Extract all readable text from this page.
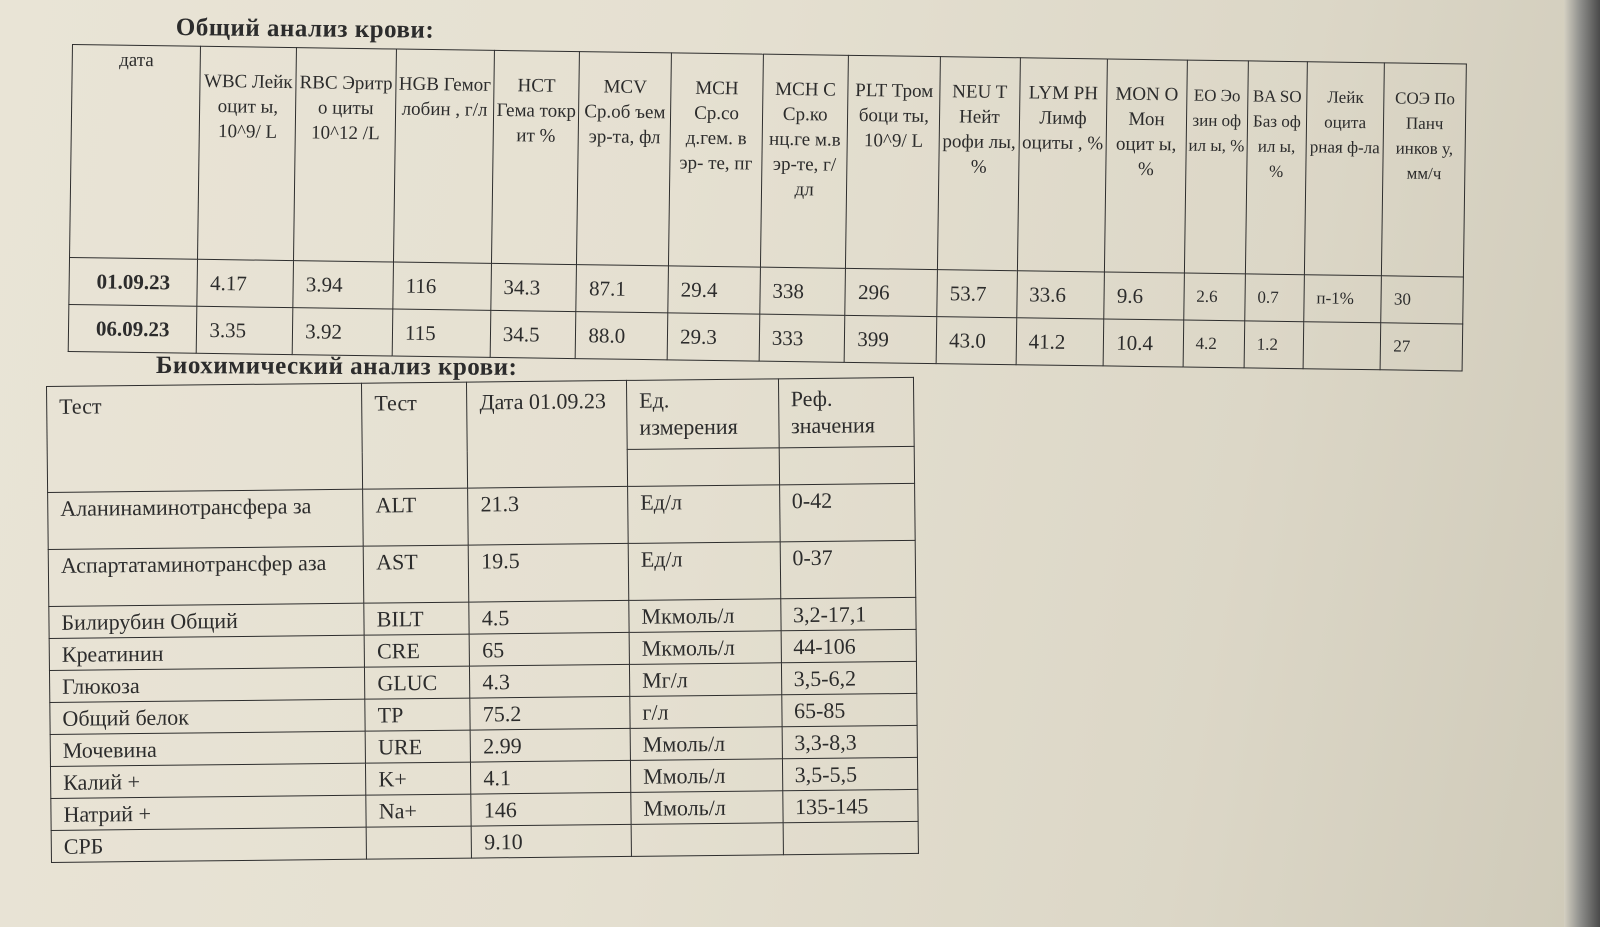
Общий анализ крови:
дата	WBC Лейк оцит ы, 10^9/ L	RBC Эритр о циты 10^12 /L	HGB Гемог лобин , г/л	НСТ Гема токр ит %	MCV Ср.об ъем эр-та, фл	МСН Ср.со д.гем. в эр- те, пг	МСН С Ср.ко нц.ге м.в эр-те, г/дл	PLT Тром боци ты, 10^9/ L	NEU T Нейт рофи лы, %	LYM PH Лимф оциты , %	MON O Мон оцит ы, %	ЕО Эо зин оф ил ы, %	BA SO Баз оф ил ы, %	Лейк оцита рная ф-ла	СОЭ По Панч инков у, мм/ч
01.09.23	4.17	3.94	116	34.3	87.1	29.4	338	296	53.7	33.6	9.6	2.6	0.7	п-1%	30
06.09.23	3.35	3.92	115	34.5	88.0	29.3	333	399	43.0	41.2	10.4	4.2	1.2		27
Биохимический анализ крови:
Тест	Тест	Дата 01.09.23	Ед. измерения	Реф. значения

Аланинаминотрансфера за	ALT	21.3	Ед/л	0-42
Аспартатаминотрансфер аза	AST	19.5	Ед/л	0-37
Билирубин Общий	BILT	4.5	Мкмоль/л	3,2-17,1
Креатинин	CRE	65	Мкмоль/л	44-106
Глюкоза	GLUC	4.3	Мг/л	3,5-6,2
Общий белок	TP	75.2	г/л	65-85
Мочевина	URE	2.99	Ммоль/л	3,3-8,3
Калий +	K+	4.1	Ммоль/л	3,5-5,5
Натрий +	Na+	146	Ммоль/л	135-145
СРБ		9.10		
